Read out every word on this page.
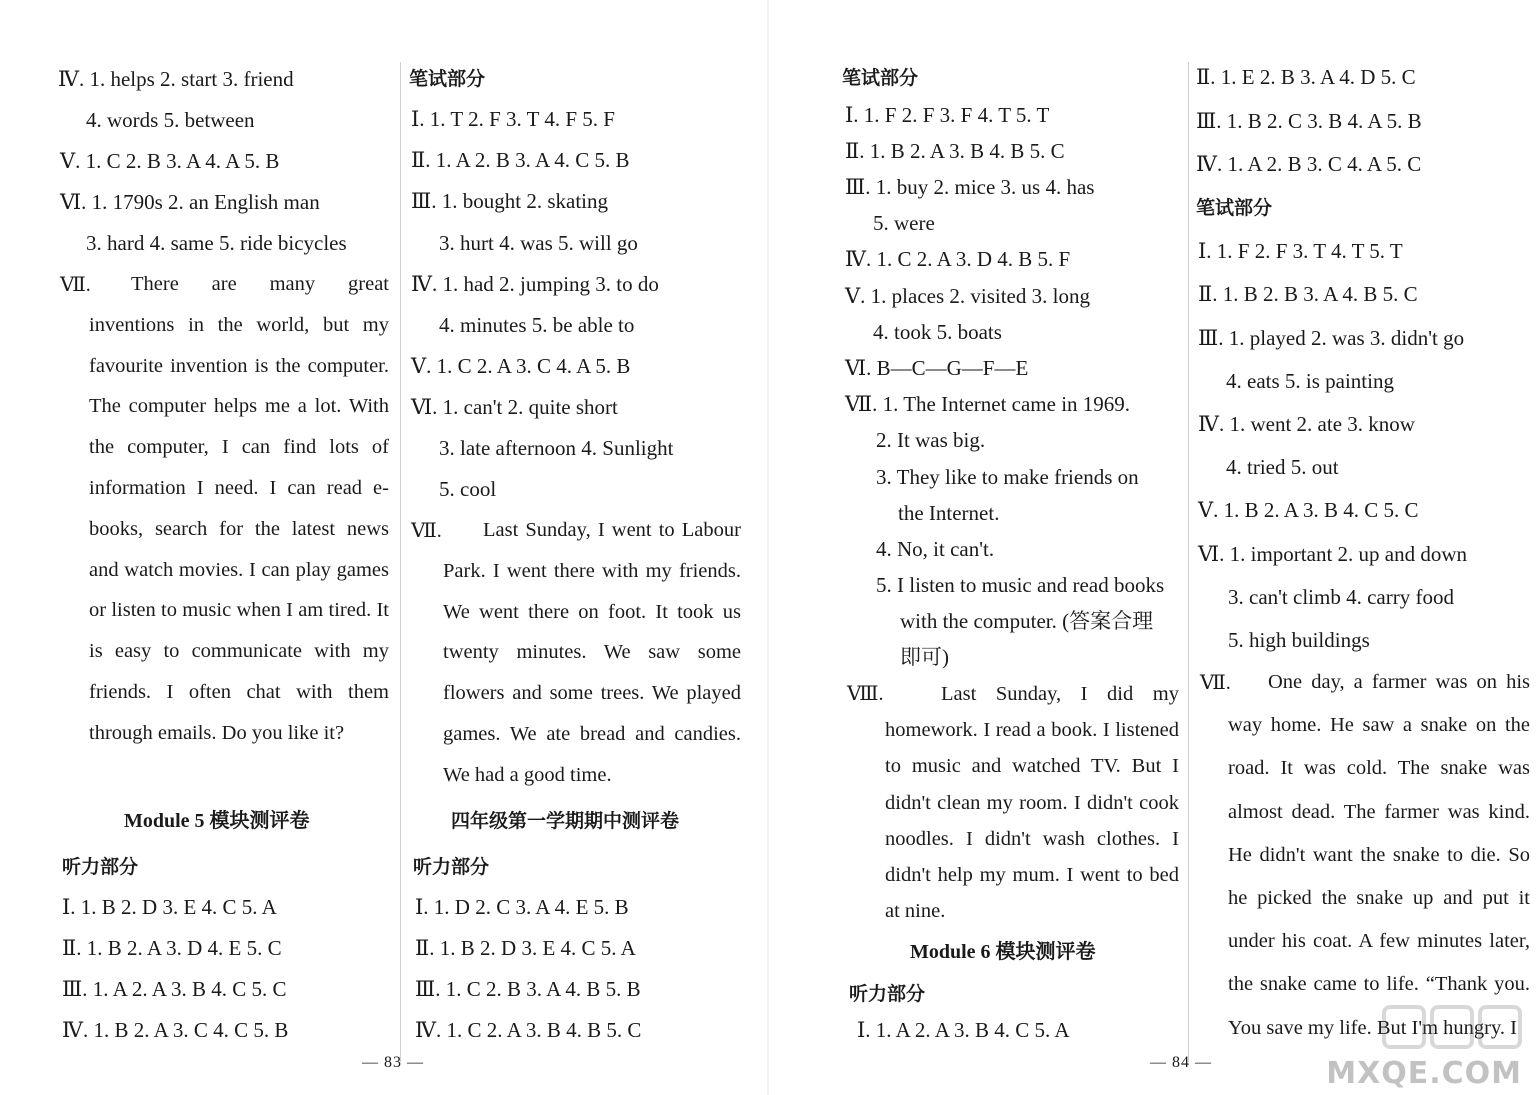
Ⅳ. 1. helps 2. start 3. friend
4. words 5. between
Ⅴ. 1. C 2. B 3. A 4. A 5. B
Ⅵ. 1. 1790s 2. an English man
3. hard 4. same 5. ride bicycles
Ⅶ.	There are many great inventions in the world, but my favourite invention is the computer. The computer helps me a lot. With the computer, I can find lots of information I need. I can read e-books, search for the latest news and watch movies. I can play games or listen to music when I am tired. It is easy to communicate with my friends. I often chat with them through emails. Do you like it?
Module 5 模块测评卷
听力部分
Ⅰ. 1. B 2. D 3. E 4. C 5. A
Ⅱ. 1. B 2. A 3. D 4. E 5. C
Ⅲ. 1. A 2. A 3. B 4. C 5. C
Ⅳ. 1. B 2. A 3. C 4. C 5. B
笔试部分
Ⅰ. 1. T 2. F 3. T 4. F 5. F
Ⅱ. 1. A 2. B 3. A 4. C 5. B
Ⅲ. 1. bought 2. skating
3. hurt 4. was 5. will go
Ⅳ. 1. had 2. jumping 3. to do
4. minutes 5. be able to
Ⅴ. 1. C 2. A 3. C 4. A 5. B
Ⅵ. 1. can't 2. quite short
3. late afternoon 4. Sunlight
5. cool
Ⅶ.	Last Sunday, I went to Labour Park. I went there with my friends. We went there on foot. It took us twenty minutes. We saw some flowers and some trees. We played games. We ate bread and candies. We had a good time.
四年级第一学期期中测评卷
听力部分
Ⅰ. 1. D 2. C 3. A 4. E 5. B
Ⅱ. 1. B 2. D 3. E 4. C 5. A
Ⅲ. 1. C 2. B 3. A 4. B 5. B
Ⅳ. 1. C 2. A 3. B 4. B 5. C
— 83 —
笔试部分
Ⅰ. 1. F 2. F 3. F 4. T 5. T
Ⅱ. 1. B 2. A 3. B 4. B 5. C
Ⅲ. 1. buy 2. mice 3. us 4. has
5. were
Ⅳ. 1. C 2. A 3. D 4. B 5. F
Ⅴ. 1. places 2. visited 3. long
4. took 5. boats
Ⅵ. B—C—G—F—E
Ⅶ. 1. The Internet came in 1969.
2. It was big.
3. They like to make friends on
the Internet.
4. No, it can't.
5. I listen to music and read books
with the computer. (答案合理
即可)
Ⅷ.	Last Sunday, I did my homework. I read a book. I listened to music and watched TV. But I didn't clean my room. I didn't cook noodles. I didn't wash clothes. I didn't help my mum. I went to bed at nine.
Module 6 模块测评卷
听力部分
Ⅰ. 1. A 2. A 3. B 4. C 5. A
Ⅱ. 1. E 2. B 3. A 4. D 5. C
Ⅲ. 1. B 2. C 3. B 4. A 5. B
Ⅳ. 1. A 2. B 3. C 4. A 5. C
笔试部分
Ⅰ. 1. F 2. F 3. T 4. T 5. T
Ⅱ. 1. B 2. B 3. A 4. B 5. C
Ⅲ. 1. played 2. was 3. didn't go
4. eats 5. is painting
Ⅳ. 1. went 2. ate 3. know
4. tried 5. out
Ⅴ. 1. B 2. A 3. B 4. C 5. C
Ⅵ. 1. important 2. up and down
3. can't climb 4. carry food
5. high buildings
Ⅶ.	One day, a farmer was on his way home. He saw a snake on the road. It was cold. The snake was almost dead. The farmer was kind. He didn't want the snake to die. So he picked the snake up and put it under his coat. A few minutes later, the snake came to life. “Thank you. You save my life. But I'm hungry. I
— 84 —	MXQE.COM
